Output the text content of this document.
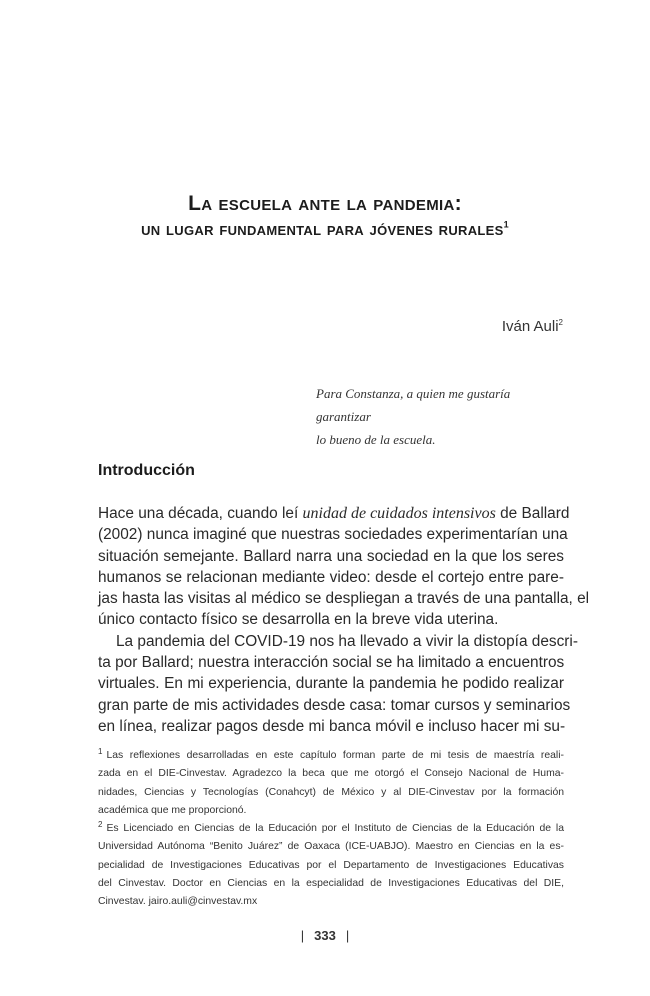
La escuela ante la pandemia:
un lugar fundamental para jóvenes rurales$^1$
Iván Auli$^2$
Para Constanza, a quien me gustaría garantizar
lo bueno de la escuela.
Introducción
Hace una década, cuando leí unidad de cuidados intensivos de Ballard
(2002) nunca imaginé que nuestras sociedades experimentarían una
situación semejante. Ballard narra una sociedad en la que los seres
humanos se relacionan mediante video: desde el cortejo entre pare-
jas hasta las visitas al médico se despliegan a través de una pantalla, el
único contacto físico se desarrolla en la breve vida uterina.
La pandemia del COVID-19 nos ha llevado a vivir la distopía descri-
ta por Ballard; nuestra interacción social se ha limitado a encuentros
virtuales. En mi experiencia, durante la pandemia he podido realizar
gran parte de mis actividades desde casa: tomar cursos y seminarios
en línea, realizar pagos desde mi banca móvil e incluso hacer mi su-
$^1$ Las reflexiones desarrolladas en este capítulo forman parte de mi tesis de maestría reali-
zada en el DIE-Cinvestav. Agradezco la beca que me otorgó el Consejo Nacional de Huma-
nidades, Ciencias y Tecnologías (Conahcyt) de México y al DIE-Cinvestav por la formación
académica que me proporcionó.
$^2$ Es Licenciado en Ciencias de la Educación por el Instituto de Ciencias de la Educación de la
Universidad Autónoma “Benito Juárez” de Oaxaca (ICE-UABJO). Maestro en Ciencias en la es-
pecialidad de Investigaciones Educativas por el Departamento de Investigaciones Educativas
del Cinvestav. Doctor en Ciencias en la especialidad de Investigaciones Educativas del DIE,
Cinvestav. jairo.auli@cinvestav.mx
| 333 |
